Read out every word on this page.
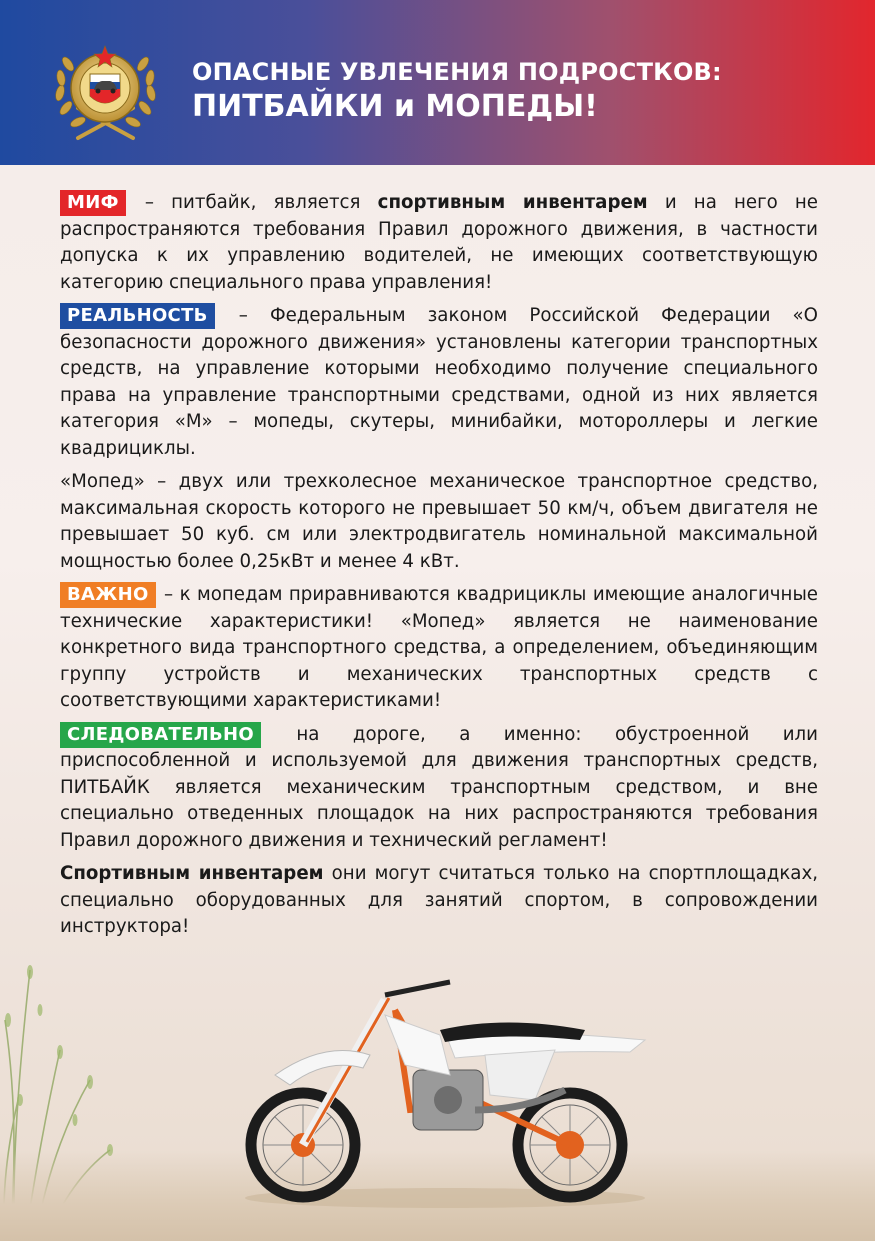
ОПАСНЫЕ УВЛЕЧЕНИЯ ПОДРОСТКОВ:
ПИТБАЙКИ и МОПЕДЫ!

МИФ – питбайк, является спортивным инвентарем и на него не распространяются требования Правил дорожного движения, в частности допуска к их управлению водителей, не имеющих соответствующую категорию специального права управления!

РЕАЛЬНОСТЬ – Федеральным законом Российской Федерации «О безопасности дорожного движения» установлены категории транспортных средств, на управление которыми необходимо получение специального права на управление транспортными средствами, одной из них является категория «М» – мопеды, скутеры, минибайки, мотороллеры и легкие квадрициклы.

«Мопед» – двух или трехколесное механическое транспортное средство, максимальная скорость которого не превышает 50 км/ч, объем двигателя не превышает 50 куб. см или электродвигатель номинальной максимальной мощностью более 0,25кВт и менее 4 кВт.

ВАЖНО – к мопедам приравниваются квадрициклы имеющие аналогичные технические характеристики! «Мопед» является не наименование конкретного вида транспортного средства, а определением, объединяющим группу устройств и механических транспортных средств с соответствующими характеристиками!

СЛЕДОВАТЕЛЬНО на дороге, а именно: обустроенной или приспособленной и используемой для движения транспортных средств, ПИТБАЙК является механическим транспортным средством, и вне специально отведенных площадок на них распространяются требования Правил дорожного движения и технический регламент!

Спортивным инвентарем они могут считаться только на спортплощадках, специально оборудованных для занятий спортом, в сопровождении инструктора!
